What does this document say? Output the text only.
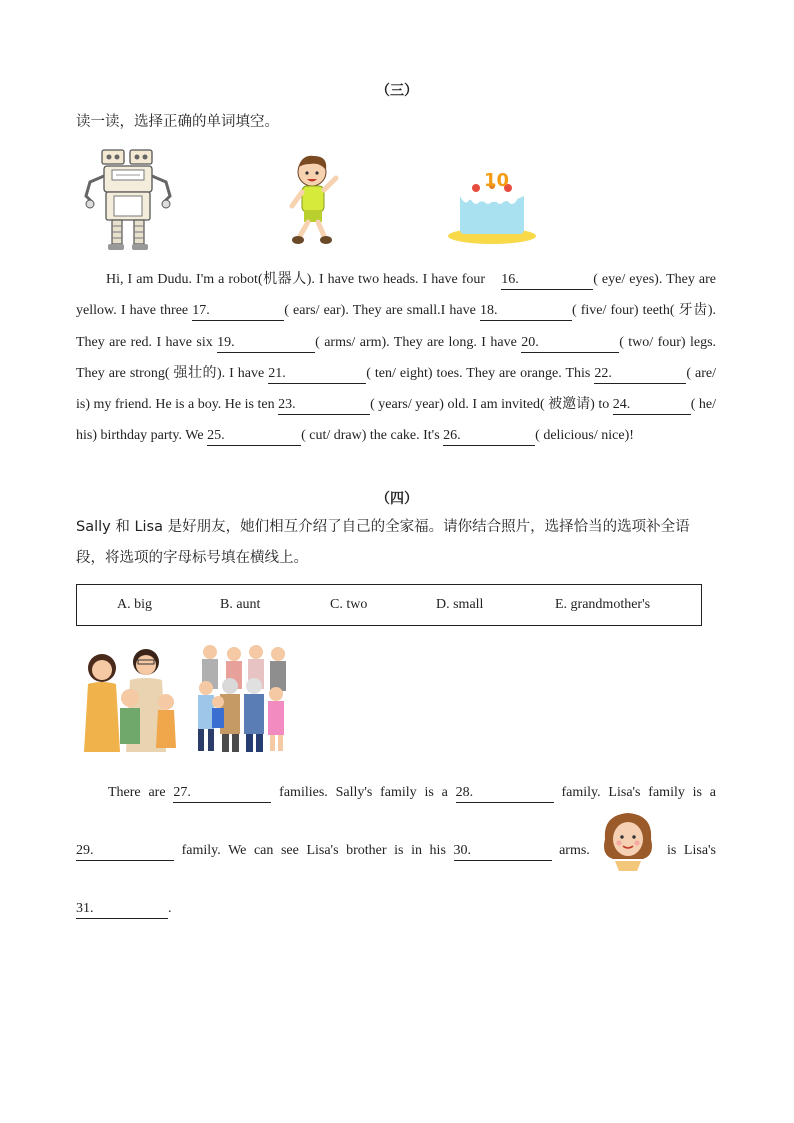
（三）
读一读，选择正确的单词填空。
10

Hi, I am Dudu. I'm a robot(机器人). I have two heads. I have four 16.	( eye/ eyes). They are yellow. I have three 17.	( ears/ ear). They are small.I have 18.	( five/ four) teeth( 牙齿). They are red. I have six 19.	( arms/ arm). They are long. I have 20.	( two/ four) legs. They are strong( 强壮的). I have 21.	( ten/ eight) toes. They are orange. This 22.	( are/ is) my friend. He is a boy. He is ten 23.	( years/ year) old. I am invited( 被邀请) to 24.	( he/ his) birthday party. We 25.	( cut/ draw) the cake. It's 26.	( delicious/ nice)!

（四）
Sally 和 Lisa 是好朋友，她们相互介绍了自己的全家福。请你结合照片，选择恰当的选项补全语段，将选项的字母标号填在横线上。
A. big	B. aunt	C. two	D. small	E. grandmother's

There are 27.	families. Sally's family is a 28.	family. Lisa's family is a 29.	family. We can see Lisa's brother is in his 30.	arms.	is Lisa's 31.	.
